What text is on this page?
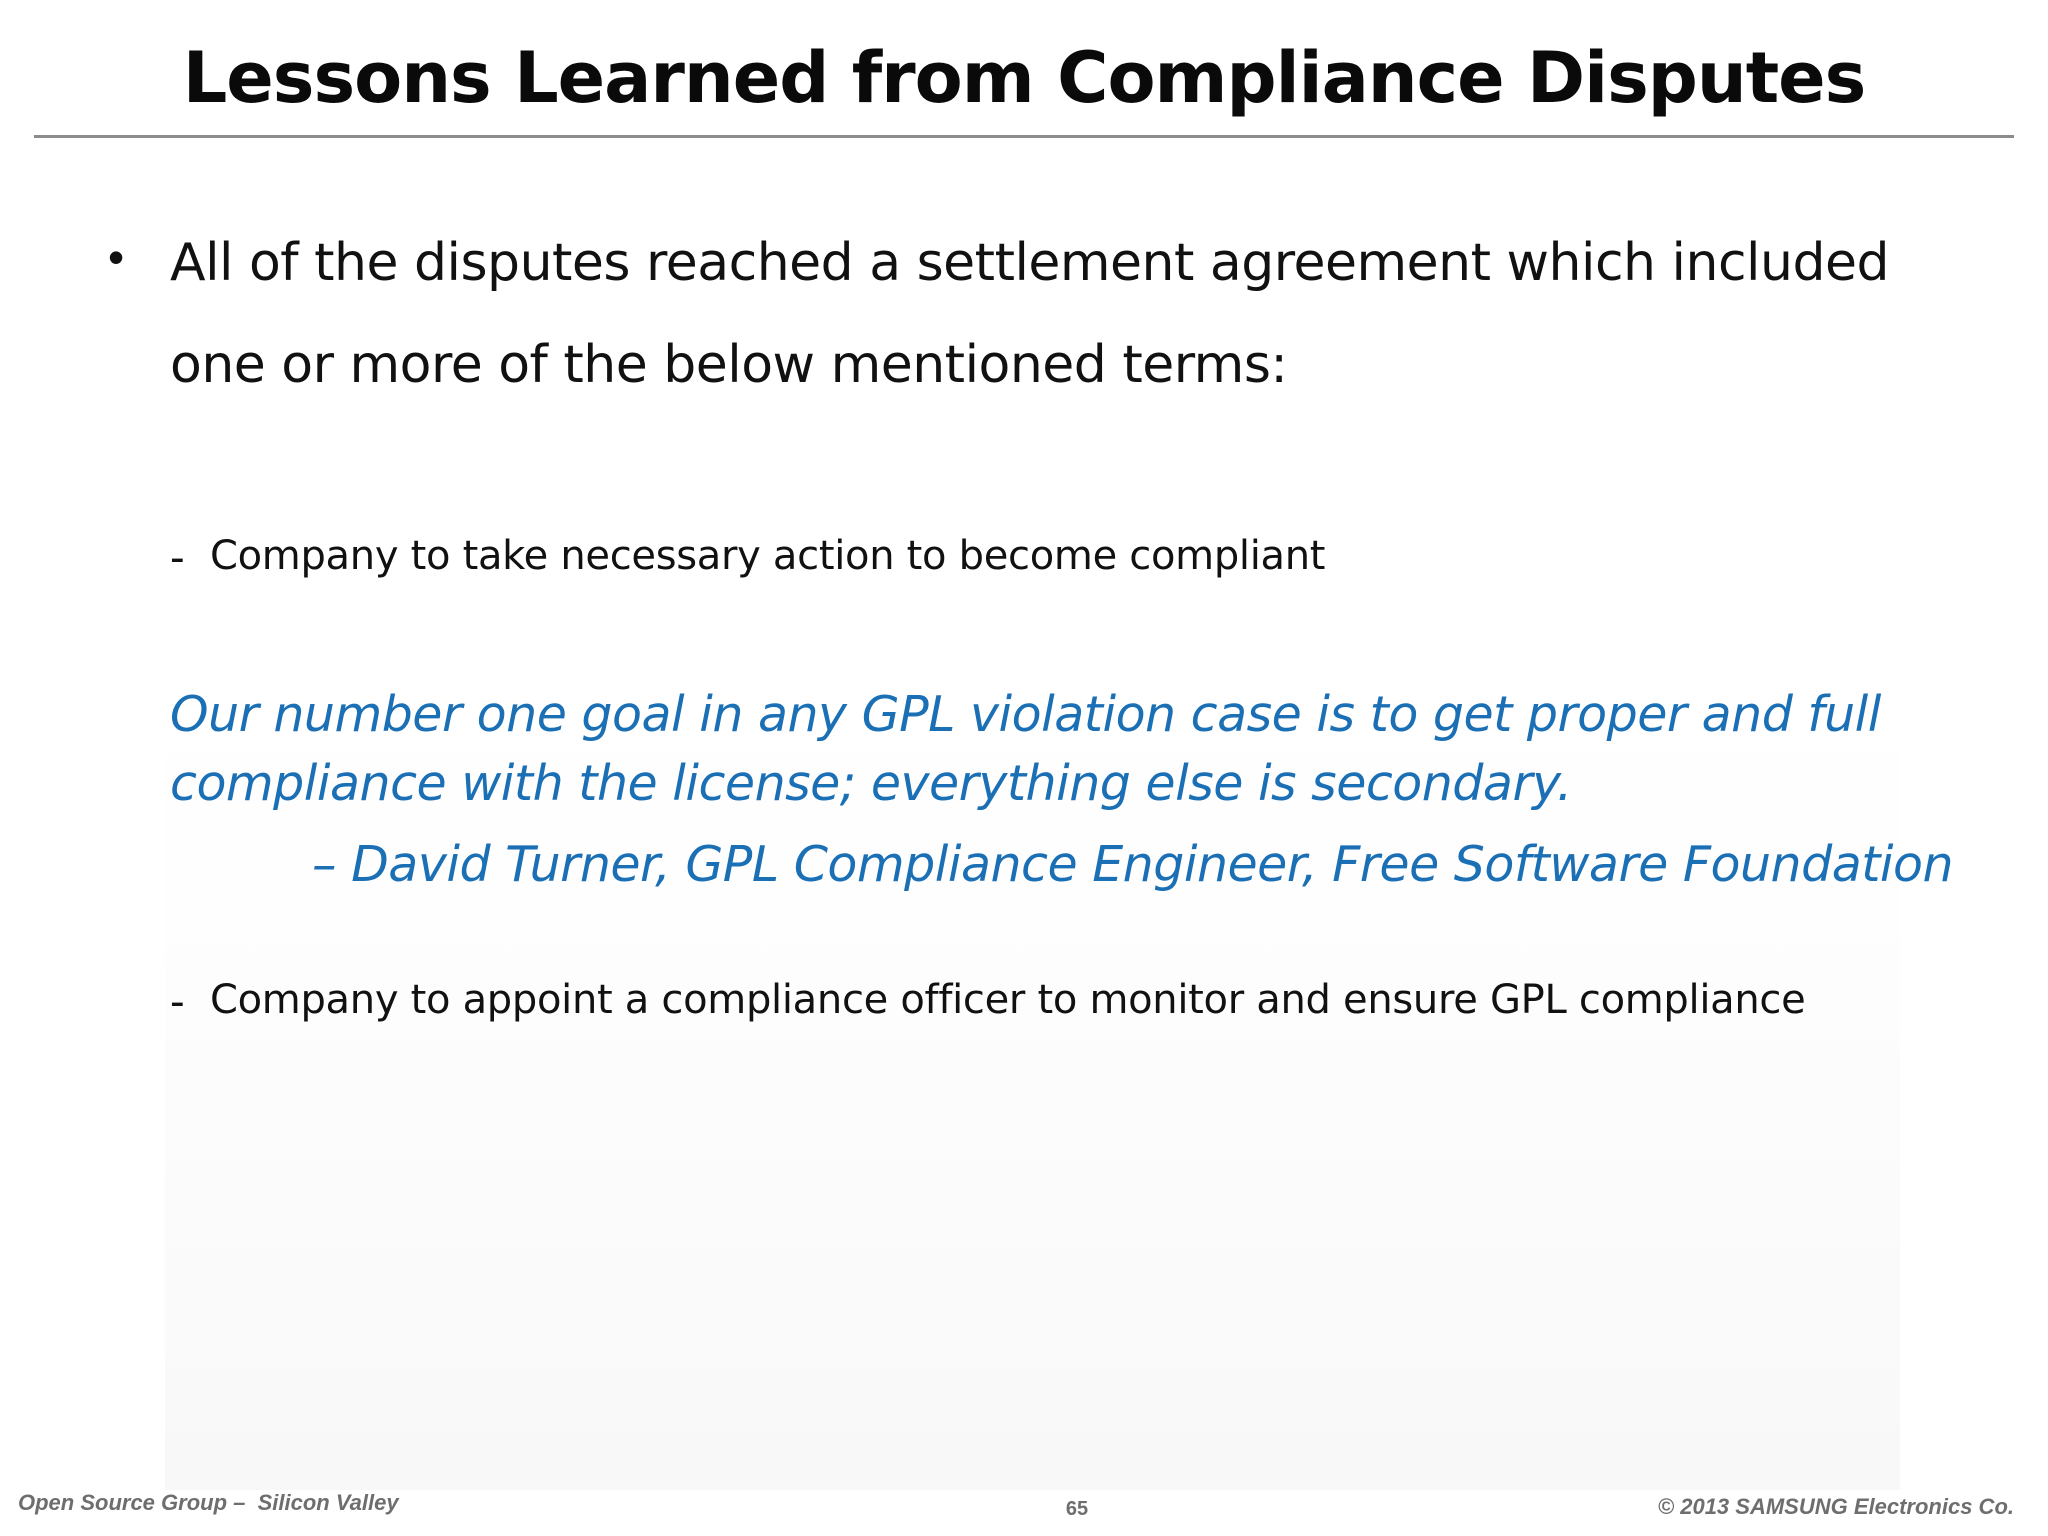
Lessons Learned from Compliance Disputes
• All of the disputes reached a settlement agreement which included one or more of the below mentioned terms:
- Company to take necessary action to become compliant
Our number one goal in any GPL violation case is to get proper and full compliance with the license; everything else is secondary.
– David Turner, GPL Compliance Engineer, Free Software Foundation
- Company to appoint a compliance officer to monitor and ensure GPL compliance
Open Source Group –  Silicon Valley	65	© 2013 SAMSUNG Electronics Co.
